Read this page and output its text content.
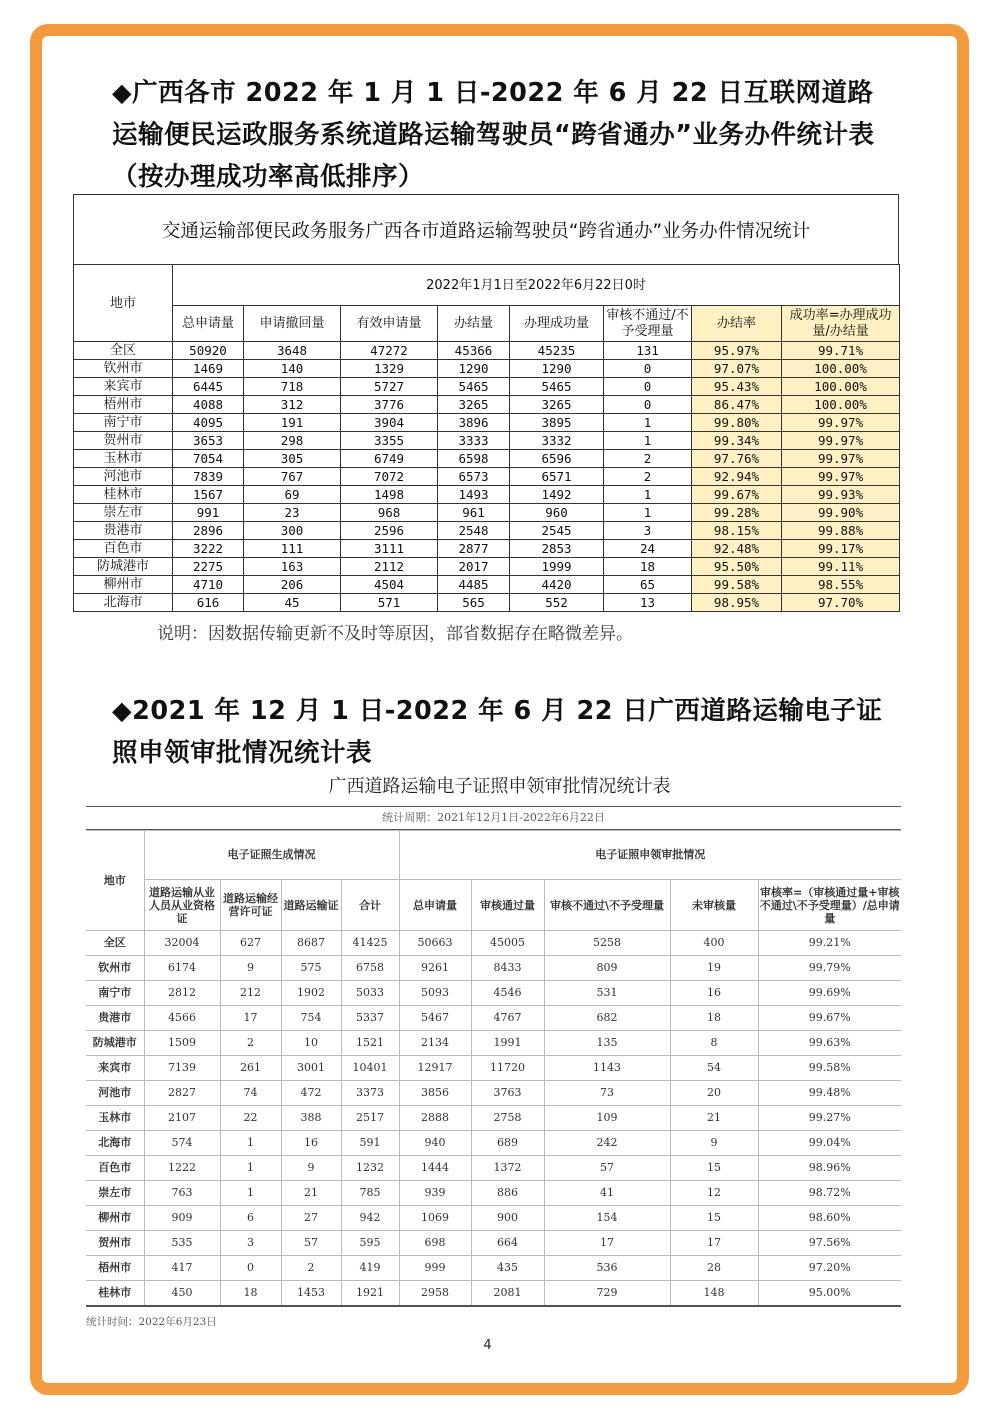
◆广西各市 2022 年 1 月 1 日-2022 年 6 月 22 日互联网道路运输便民运政服务系统道路运输驾驶员“跨省通办”业务办件统计表（按办理成功率高低排序）
交通运输部便民政务服务广西各市道路运输驾驶员“跨省通办”业务办件情况统计
地市	2022年1月1日至2022年6月22日0时							
	总申请量	申请撤回量	有效申请量	办结量	办理成功量	审核不通过/不予受理量	办结率	成功率=办理成功量/办结量
全区	50920	3648	47272	45366	45235	131	95.97%	99.71%
钦州市	1469	140	1329	1290	1290	0	97.07%	100.00%
来宾市	6445	718	5727	5465	5465	0	95.43%	100.00%
梧州市	4088	312	3776	3265	3265	0	86.47%	100.00%
南宁市	4095	191	3904	3896	3895	1	99.80%	99.97%
贺州市	3653	298	3355	3333	3332	1	99.34%	99.97%
玉林市	7054	305	6749	6598	6596	2	97.76%	99.97%
河池市	7839	767	7072	6573	6571	2	92.94%	99.97%
桂林市	1567	69	1498	1493	1492	1	99.67%	99.93%
崇左市	991	23	968	961	960	1	99.28%	99.90%
贵港市	2896	300	2596	2548	2545	3	98.15%	99.88%
百色市	3222	111	3111	2877	2853	24	92.48%	99.17%
防城港市	2275	163	2112	2017	1999	18	95.50%	99.11%
柳州市	4710	206	4504	4485	4420	65	99.58%	98.55%
北海市	616	45	571	565	552	13	98.95%	97.70%
说明：因数据传输更新不及时等原因，部省数据存在略微差异。
◆2021 年 12 月 1 日-2022 年 6 月 22 日广西道路运输电子证照申领审批情况统计表
广西道路运输电子证照申领审批情况统计表
统计周期：2021年12月1日-2022年6月22日
地市	电子证照生成情况				电子证照申领审批情况				
	道路运输从业人员从业资格证	道路运输经营许可证	道路运输证	合计	总申请量	审核通过量	审核不通过\不予受理量	未审核量	审核率=（审核通过量+审核不通过\不予受理量）/总申请量
全区	32004	627	8687	41425	50663	45005	5258	400	99.21%
钦州市	6174	9	575	6758	9261	8433	809	19	99.79%
南宁市	2812	212	1902	5033	5093	4546	531	16	99.69%
贵港市	4566	17	754	5337	5467	4767	682	18	99.67%
防城港市	1509	2	10	1521	2134	1991	135	8	99.63%
来宾市	7139	261	3001	10401	12917	11720	1143	54	99.58%
河池市	2827	74	472	3373	3856	3763	73	20	99.48%
玉林市	2107	22	388	2517	2888	2758	109	21	99.27%
北海市	574	1	16	591	940	689	242	9	99.04%
百色市	1222	1	9	1232	1444	1372	57	15	98.96%
崇左市	763	1	21	785	939	886	41	12	98.72%
柳州市	909	6	27	942	1069	900	154	15	98.60%
贺州市	535	3	57	595	698	664	17	17	97.56%
梧州市	417	0	2	419	999	435	536	28	97.20%
桂林市	450	18	1453	1921	2958	2081	729	148	95.00%
统计时间：2022年6月23日
4
